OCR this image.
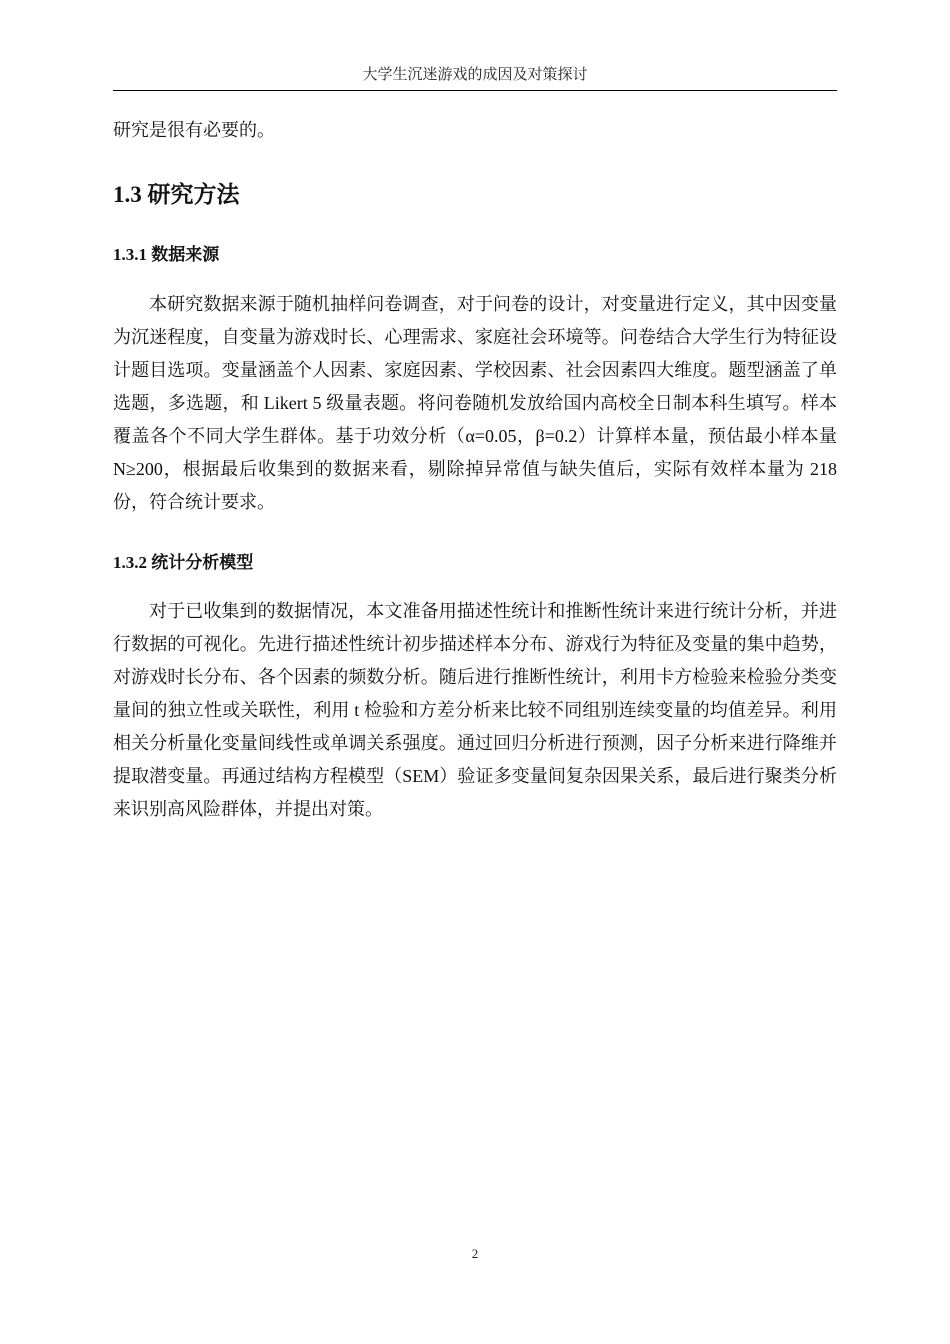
大学生沉迷游戏的成因及对策探讨

研究是很有必要的。

1.3 研究方法
1.3.1 数据来源

本研究数据来源于随机抽样问卷调查，对于问卷的设计，对变量进行定义，其中因变量为沉迷程度，自变量为游戏时长、心理需求、家庭社会环境等。问卷结合大学生行为特征设计题目选项。变量涵盖个人因素、家庭因素、学校因素、社会因素四大维度。题型涵盖了单选题，多选题，和 Likert 5 级量表题。将问卷随机发放给国内高校全日制本科生填写。样本覆盖各个不同大学生群体。基于功效分析（α=0.05，β=0.2）计算样本量，预估最小样本量 N≥200，根据最后收集到的数据来看，剔除掉异常值与缺失值后，实际有效样本量为 218 份，符合统计要求。

1.3.2 统计分析模型

对于已收集到的数据情况，本文准备用描述性统计和推断性统计来进行统计分析，并进行数据的可视化。先进行描述性统计初步描述样本分布、游戏行为特征及变量的集中趋势，对游戏时长分布、各个因素的频数分析。随后进行推断性统计，利用卡方检验来检验分类变量间的独立性或关联性，利用 t 检验和方差分析来比较不同组别连续变量的均值差异。利用相关分析量化变量间线性或单调关系强度。通过回归分析进行预测，因子分析来进行降维并提取潜变量。再通过结构方程模型（SEM）验证多变量间复杂因果关系，最后进行聚类分析来识别高风险群体，并提出对策。

2
